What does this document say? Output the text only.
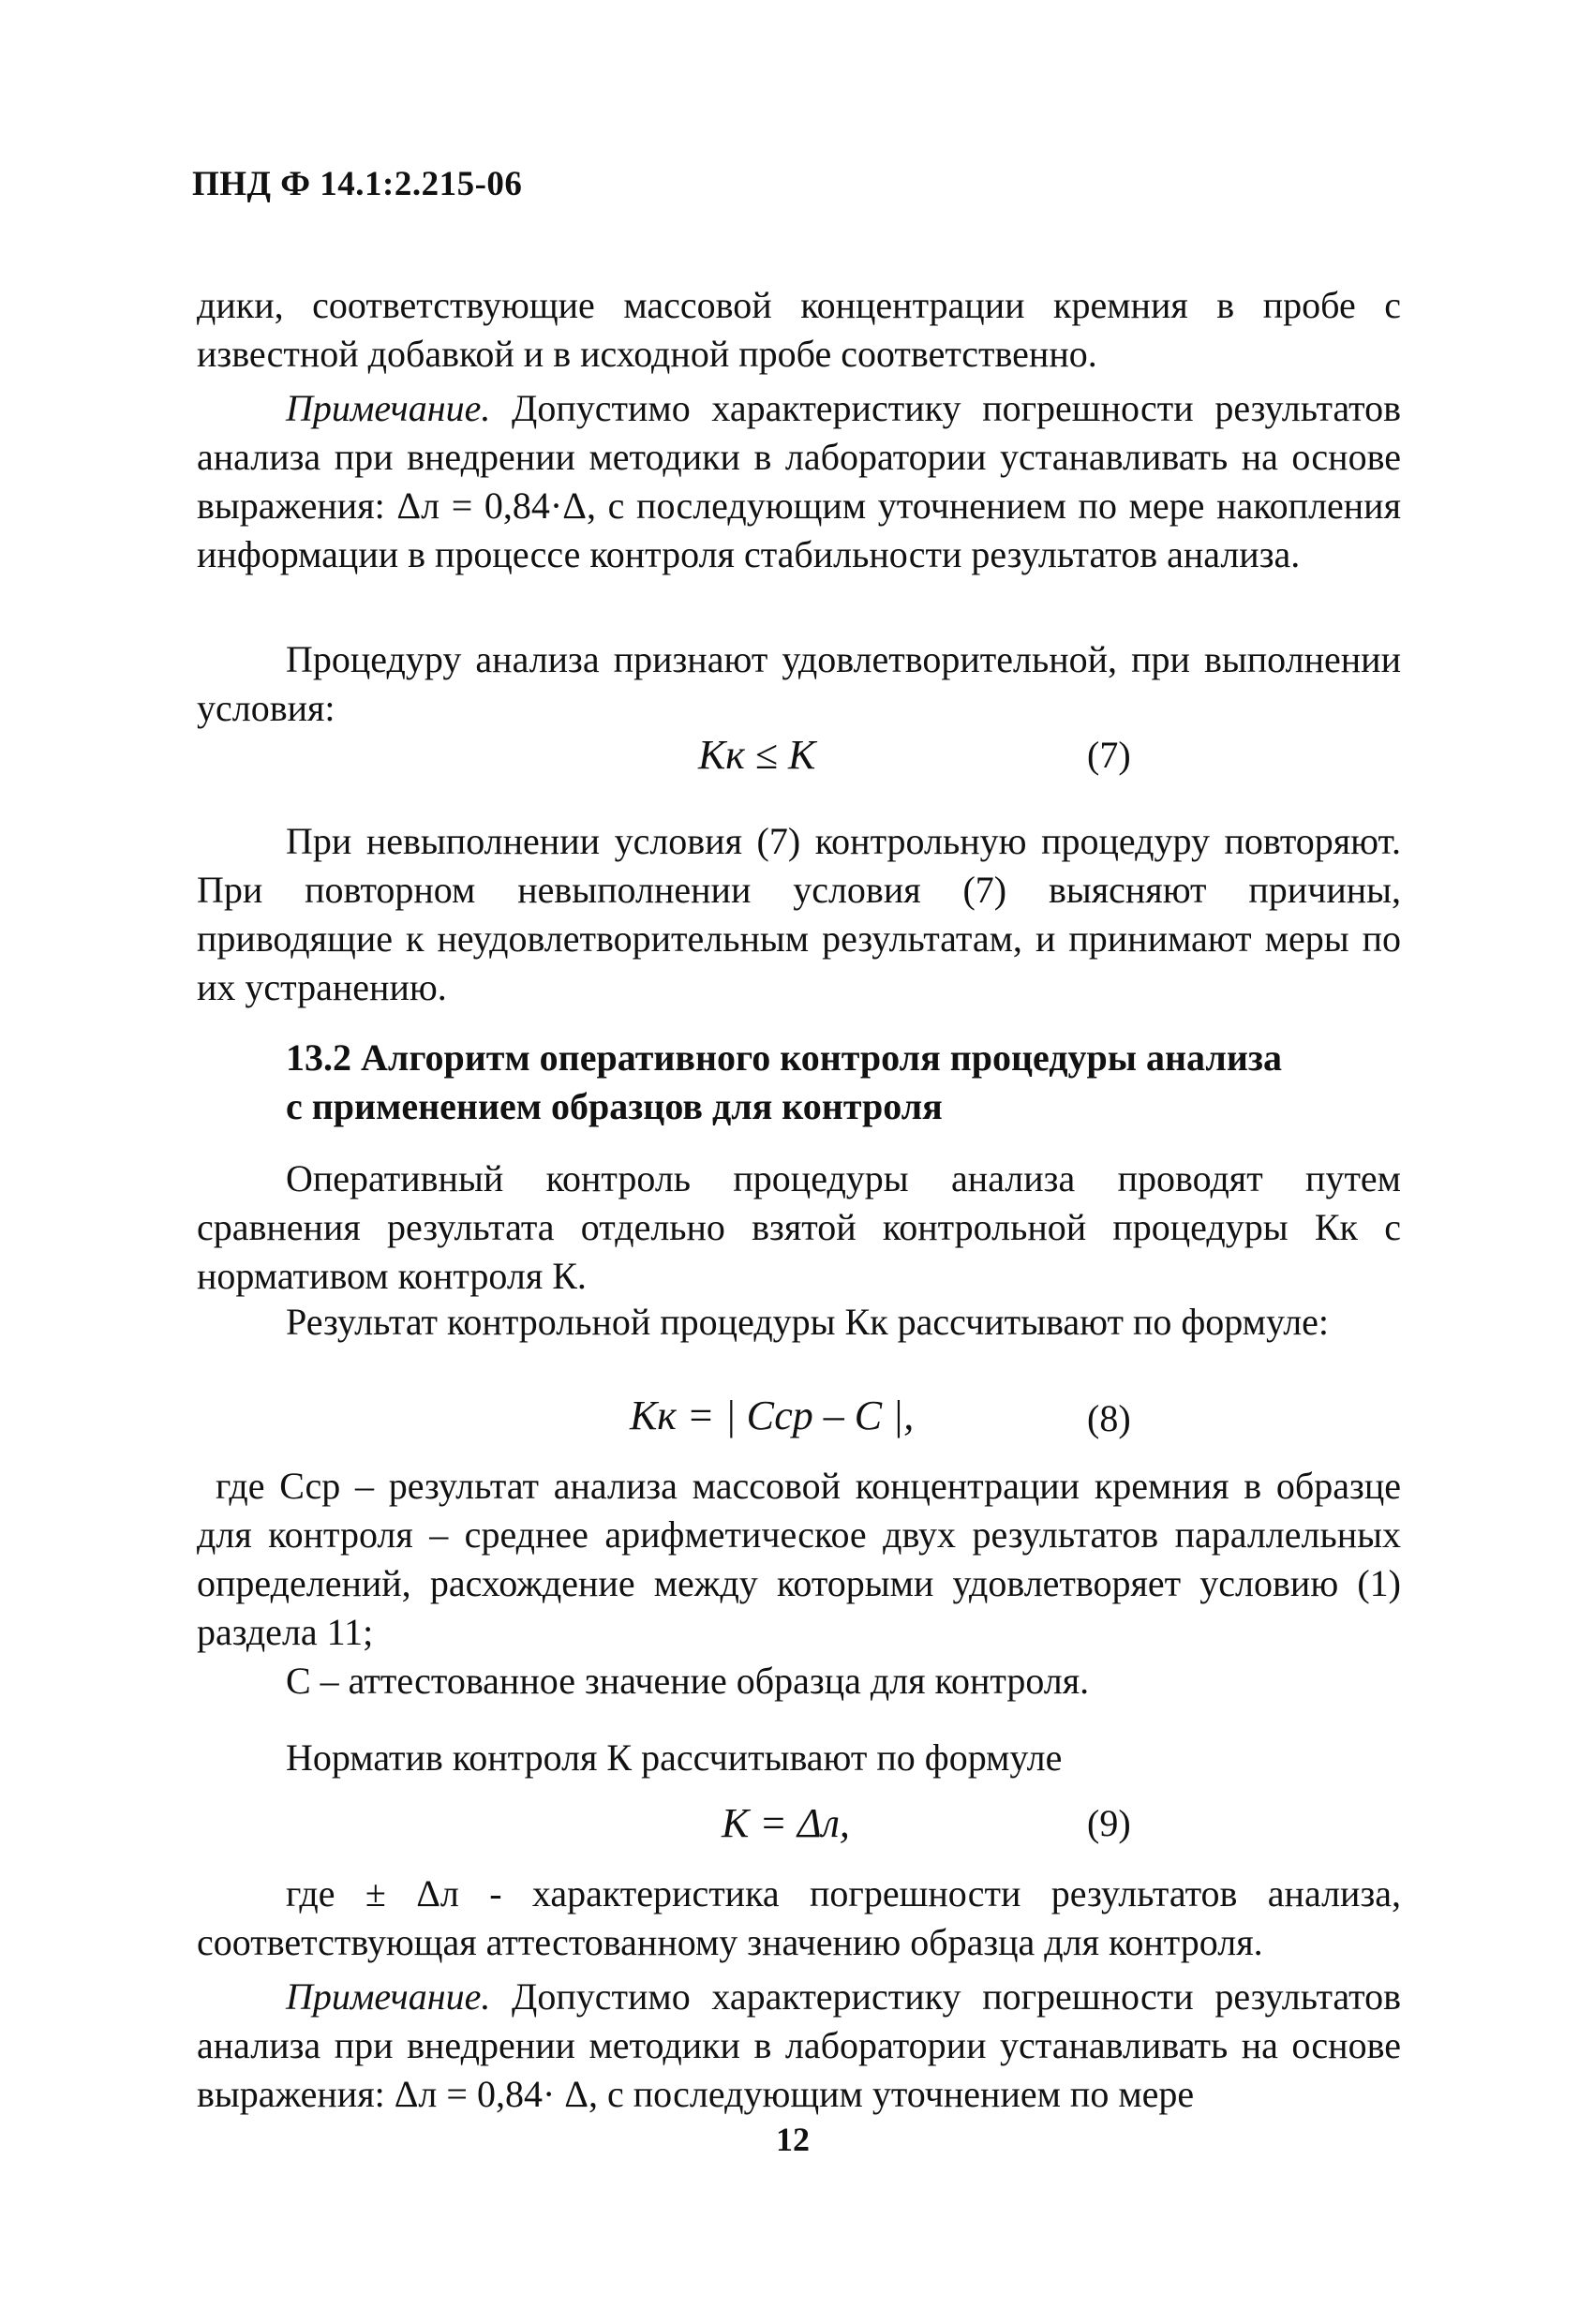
ПНД Ф 14.1:2.215-06
дики, соответствующие массовой концентрации кремния в пробе с известной добавкой и в исходной пробе соответственно.
Примечание. Допустимо характеристику погрешности результатов анализа при внедрении методики в лаборатории устанавливать на основе выражения: Δл = 0,84·Δ, с последующим уточнением по мере накопления информации в процессе контроля стабильности результатов анализа.
Процедуру анализа признают удовлетворительной, при выполнении условия:
Кк ≤ К	(7)
При невыполнении условия (7) контрольную процедуру повторяют. При повторном невыполнении условия (7) выясняют причины, приводящие к неудовлетворительным результатам, и принимают меры по их устранению.
13.2 Алгоритм оперативного контроля процедуры анализа
с применением образцов для контроля
Оперативный контроль процедуры анализа проводят путем сравнения результата отдельно взятой контрольной процедуры Кк с нормативом контроля К.
Результат контрольной процедуры Кк рассчитывают по формуле:
Кк = | Сср – С |,	(8)
где Сср – результат анализа массовой концентрации кремния в образце для контроля – среднее арифметическое двух результатов параллельных определений, расхождение между которыми удовлетворяет условию (1) раздела 11;
С – аттестованное значение образца для контроля.
Норматив контроля К рассчитывают по формуле
К = Δл,	(9)
где ± Δл - характеристика погрешности результатов анализа, соответствующая аттестованному значению образца для контроля.
Примечание. Допустимо характеристику погрешности результатов анализа при внедрении методики в лаборатории устанавливать на основе выражения: Δл = 0,84· Δ, с последующим уточнением по мере
12
